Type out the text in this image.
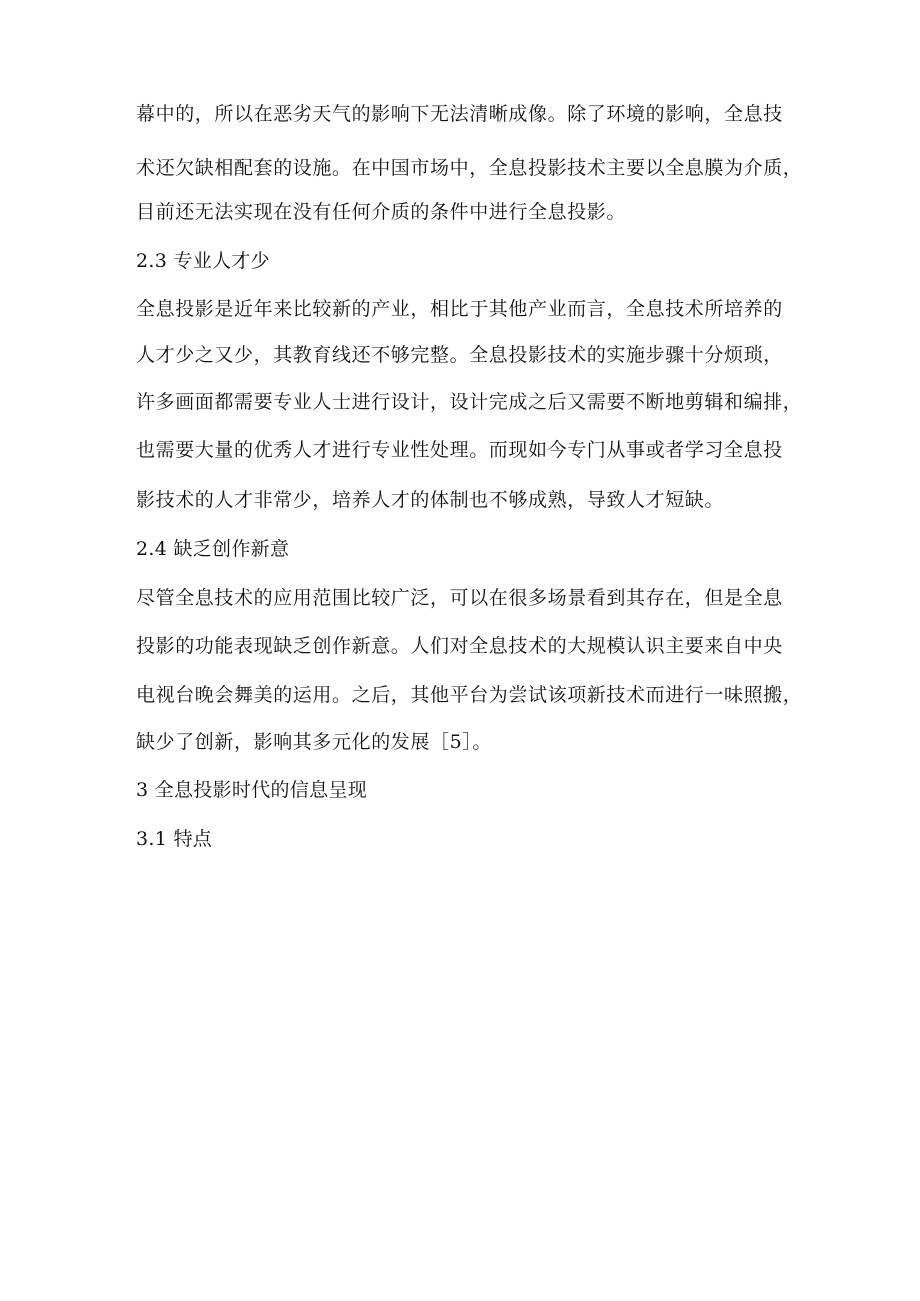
幕中的，所以在恶劣天气的影响下无法清晰成像。除了环境的影响，全息技
术还欠缺相配套的设施。在中国市场中，全息投影技术主要以全息膜为介质，
目前还无法实现在没有任何介质的条件中进行全息投影。
2.3 专业人才少
全息投影是近年来比较新的产业，相比于其他产业而言，全息技术所培养的
人才少之又少，其教育线还不够完整。全息投影技术的实施步骤十分烦琐，
许多画面都需要专业人士进行设计，设计完成之后又需要不断地剪辑和编排，
也需要大量的优秀人才进行专业性处理。而现如今专门从事或者学习全息投
影技术的人才非常少，培养人才的体制也不够成熟，导致人才短缺。
2.4 缺乏创作新意
尽管全息技术的应用范围比较广泛，可以在很多场景看到其存在，但是全息
投影的功能表现缺乏创作新意。人们对全息技术的大规模认识主要来自中央
电视台晚会舞美的运用。之后，其他平台为尝试该项新技术而进行一味照搬，
缺少了创新，影响其多元化的发展［5］。
3 全息投影时代的信息呈现
3.1 特点
